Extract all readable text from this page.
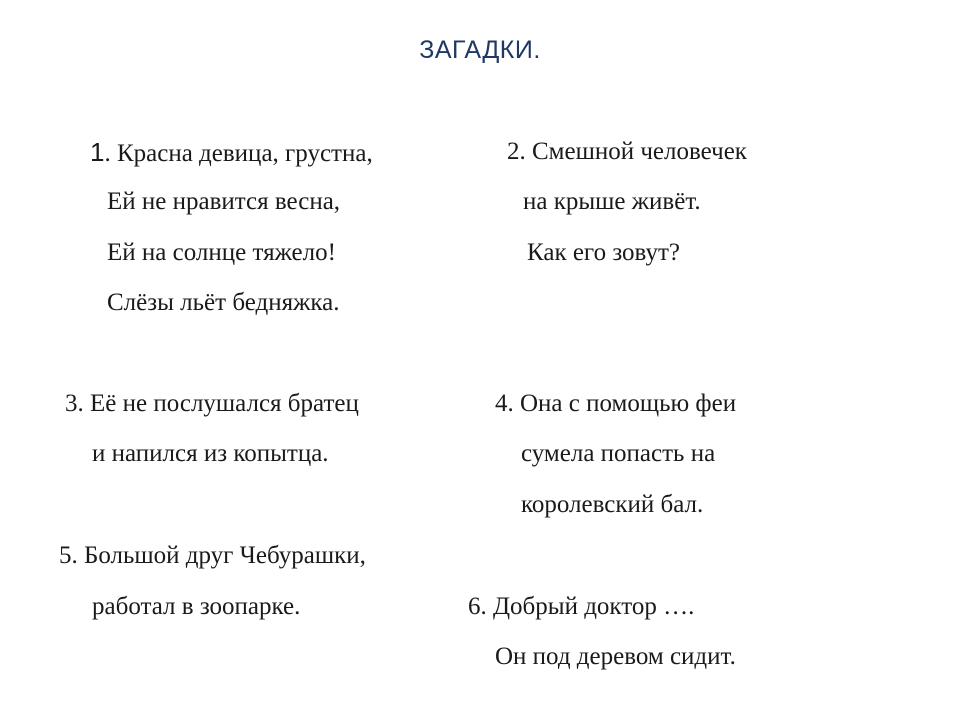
ЗАГАДКИ.
1. Красна девица, грустна,
Ей не нравится весна,
Ей на солнце тяжело!
Слёзы льёт бедняжка.
2. Смешной человечек
на крыше живёт.
Как его зовут?
3. Её не послушался братец
и напился из копытца.
4. Она с помощью феи
сумела попасть на
королевский бал.
5. Большой друг Чебурашки,
работал в зоопарке.	6. Добрый доктор ….
Он под деревом сидит.
